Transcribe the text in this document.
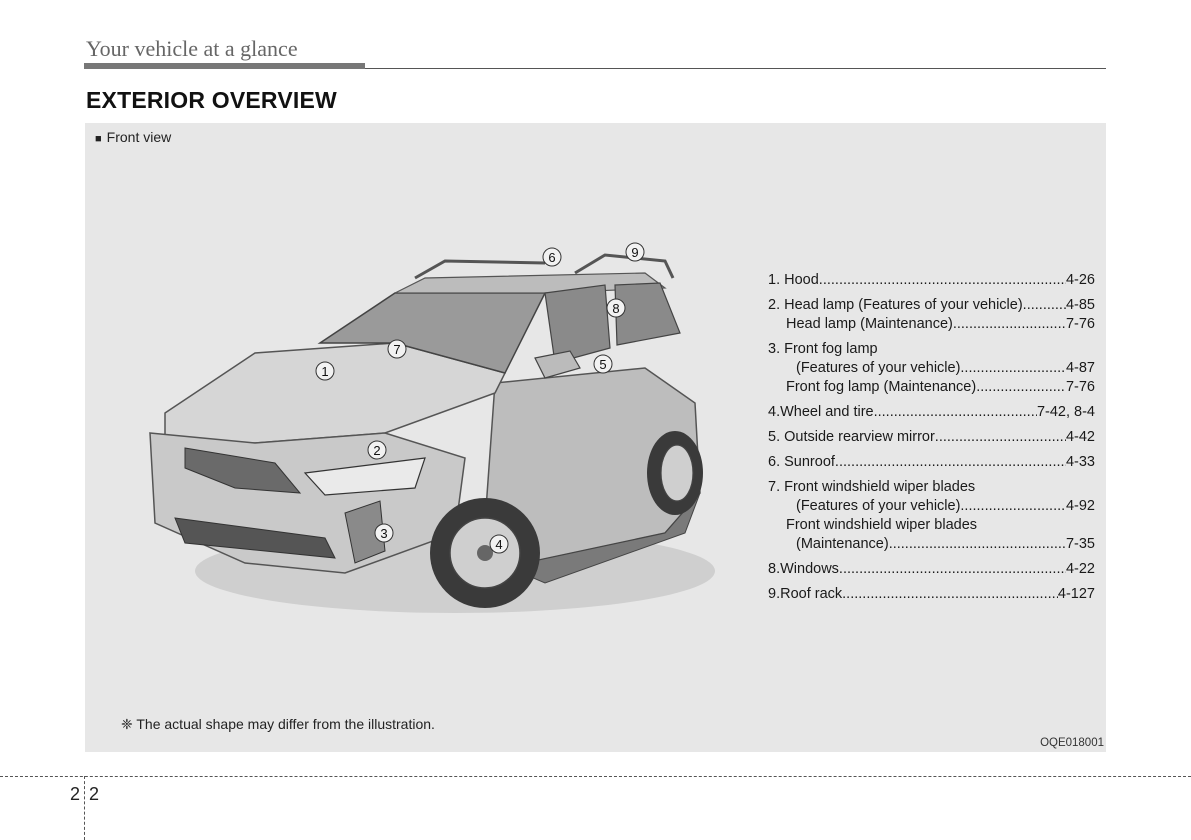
Your vehicle at a glance
EXTERIOR OVERVIEW
■ Front view
1
2
3
4
5
6
7
8
9
1. Hood .....	4-26
2. Head lamp (Features of your vehicle) .....	4-85
Head lamp (Maintenance) .....	7-76
3. Front fog lamp
(Features of your vehicle) .....	4-87
Front fog lamp (Maintenance) .....	7-76
4.Wheel and tire .....	7-42, 8-4
5. Outside rearview mirror .....	4-42
6. Sunroof .....	4-33
7. Front windshield wiper blades
(Features of your vehicle) .....	4-92
Front windshield wiper blades
(Maintenance) .....	7-35
8.Windows .....	4-22
9.Roof rack .....	4-127
❈ The actual shape may differ from the illustration.
OQE018001
2 2
